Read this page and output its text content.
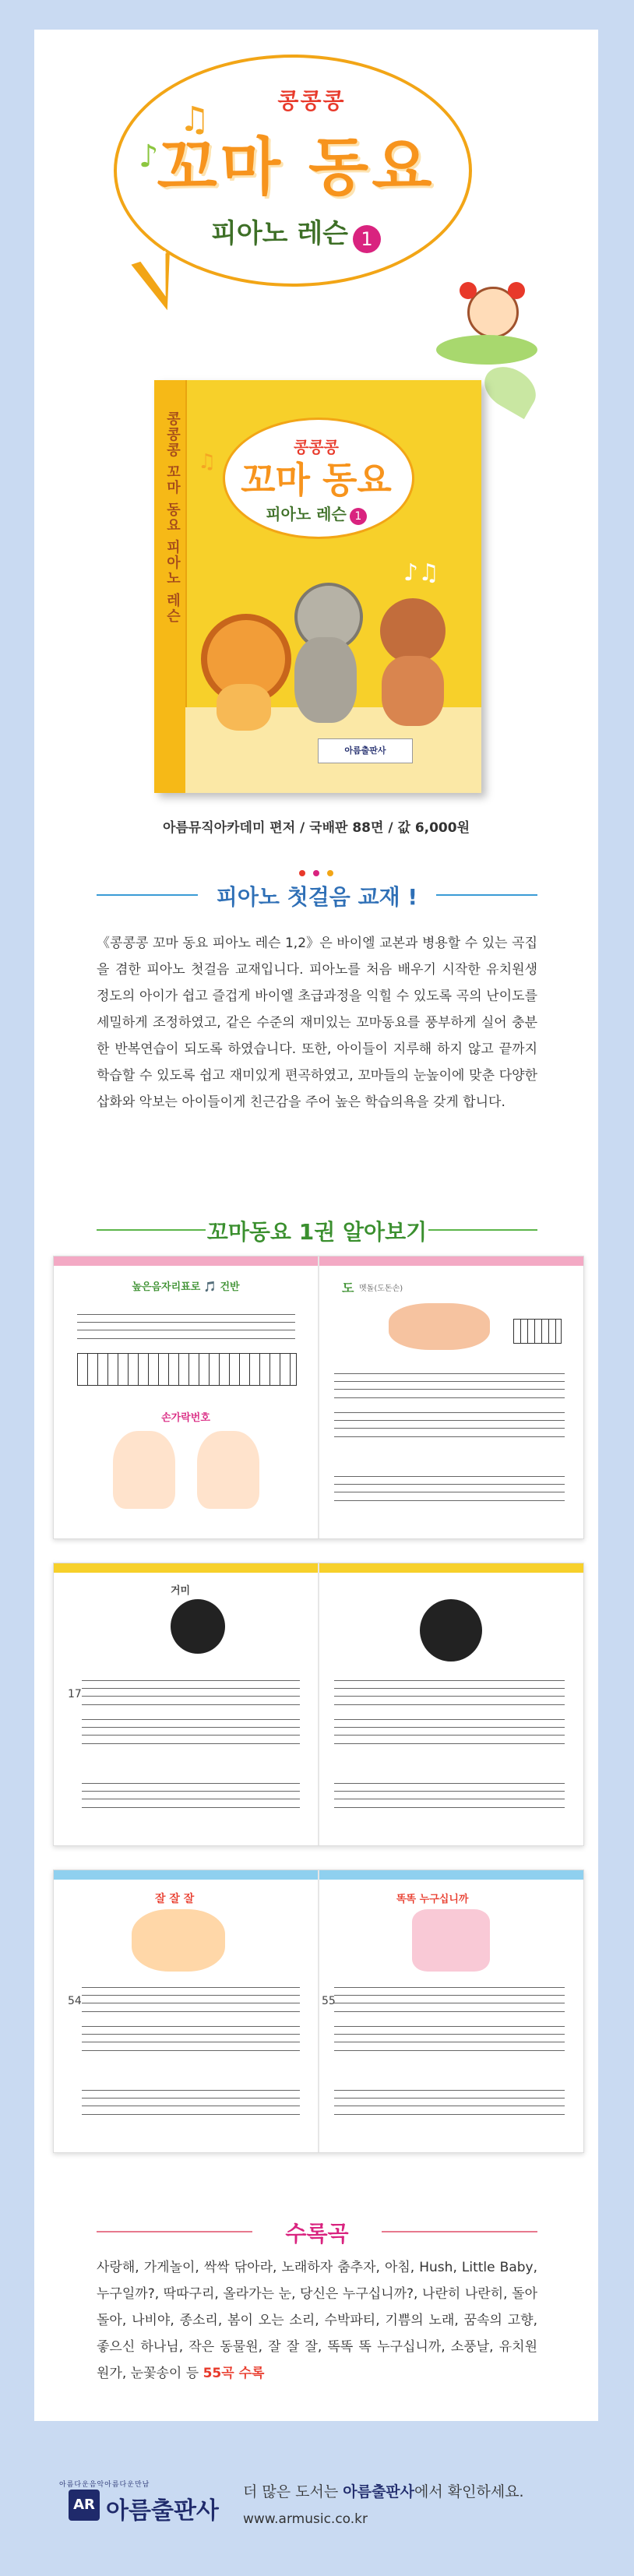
♫
♪
콩콩콩
꼬마 동요
피아노 레슨 1
콩콩콩 꼬마 동요 피아노 레슨	콩콩콩
꼬마 동요
피아노 레슨 1
♫
♪♫
아름출판사
아름뮤직아카데미 편저 / 국배판 88면 / 값 6,000원
피아노 첫걸음 교재 !
《콩콩콩 꼬마 동요 피아노 레슨 1,2》은 바이엘 교본과 병용할 수 있는 곡집을 겸한 피아노 첫걸음 교재입니다. 피아노를 처음 배우기 시작한 유치원생 정도의 아이가 쉽고 즐겁게 바이엘 초급과정을 익힐 수 있도록 곡의 난이도를 세밀하게 조정하였고, 같은 수준의 재미있는 꼬마동요를 풍부하게 실어 충분한 반복연습이 되도록 하였습니다. 또한, 아이들이 지루해 하지 않고 끝까지 학습할 수 있도록 쉽고 재미있게 편곡하였고, 꼬마들의 눈높이에 맞춘 다양한 삽화와 악보는 아이들이게 친근감을 주어 높은 학습의욕을 갖게 합니다.
꼬마동요 1권 알아보기
높은음자리표로 🎵 건반
손가락번호
도 멧돌(도돈손)
거미
17
잘 잘 잘
54
똑똑 누구십니까
55
수록곡
사랑해, 가게놀이, 싹싹 닦아라, 노래하자 춤추자, 아침, Hush, Little Baby, 누구일까?, 딱따구리, 올라가는 눈, 당신은 누구십니까?, 나란히 나란히, 돌아 돌아, 나비야, 종소리, 봄이 오는 소리, 수박파티, 기쁨의 노래, 꿈속의 고향, 좋으신 하나님, 작은 동물원, 잘 잘 잘, 똑똑 똑 누구십니까, 소풍날, 유치원 원가, 눈꽃송이 등 55곡 수록
아름다운음악아름다운만남
AR 아름출판사
더 많은 도서는 아름출판사에서 확인하세요.
www.armusic.co.kr
